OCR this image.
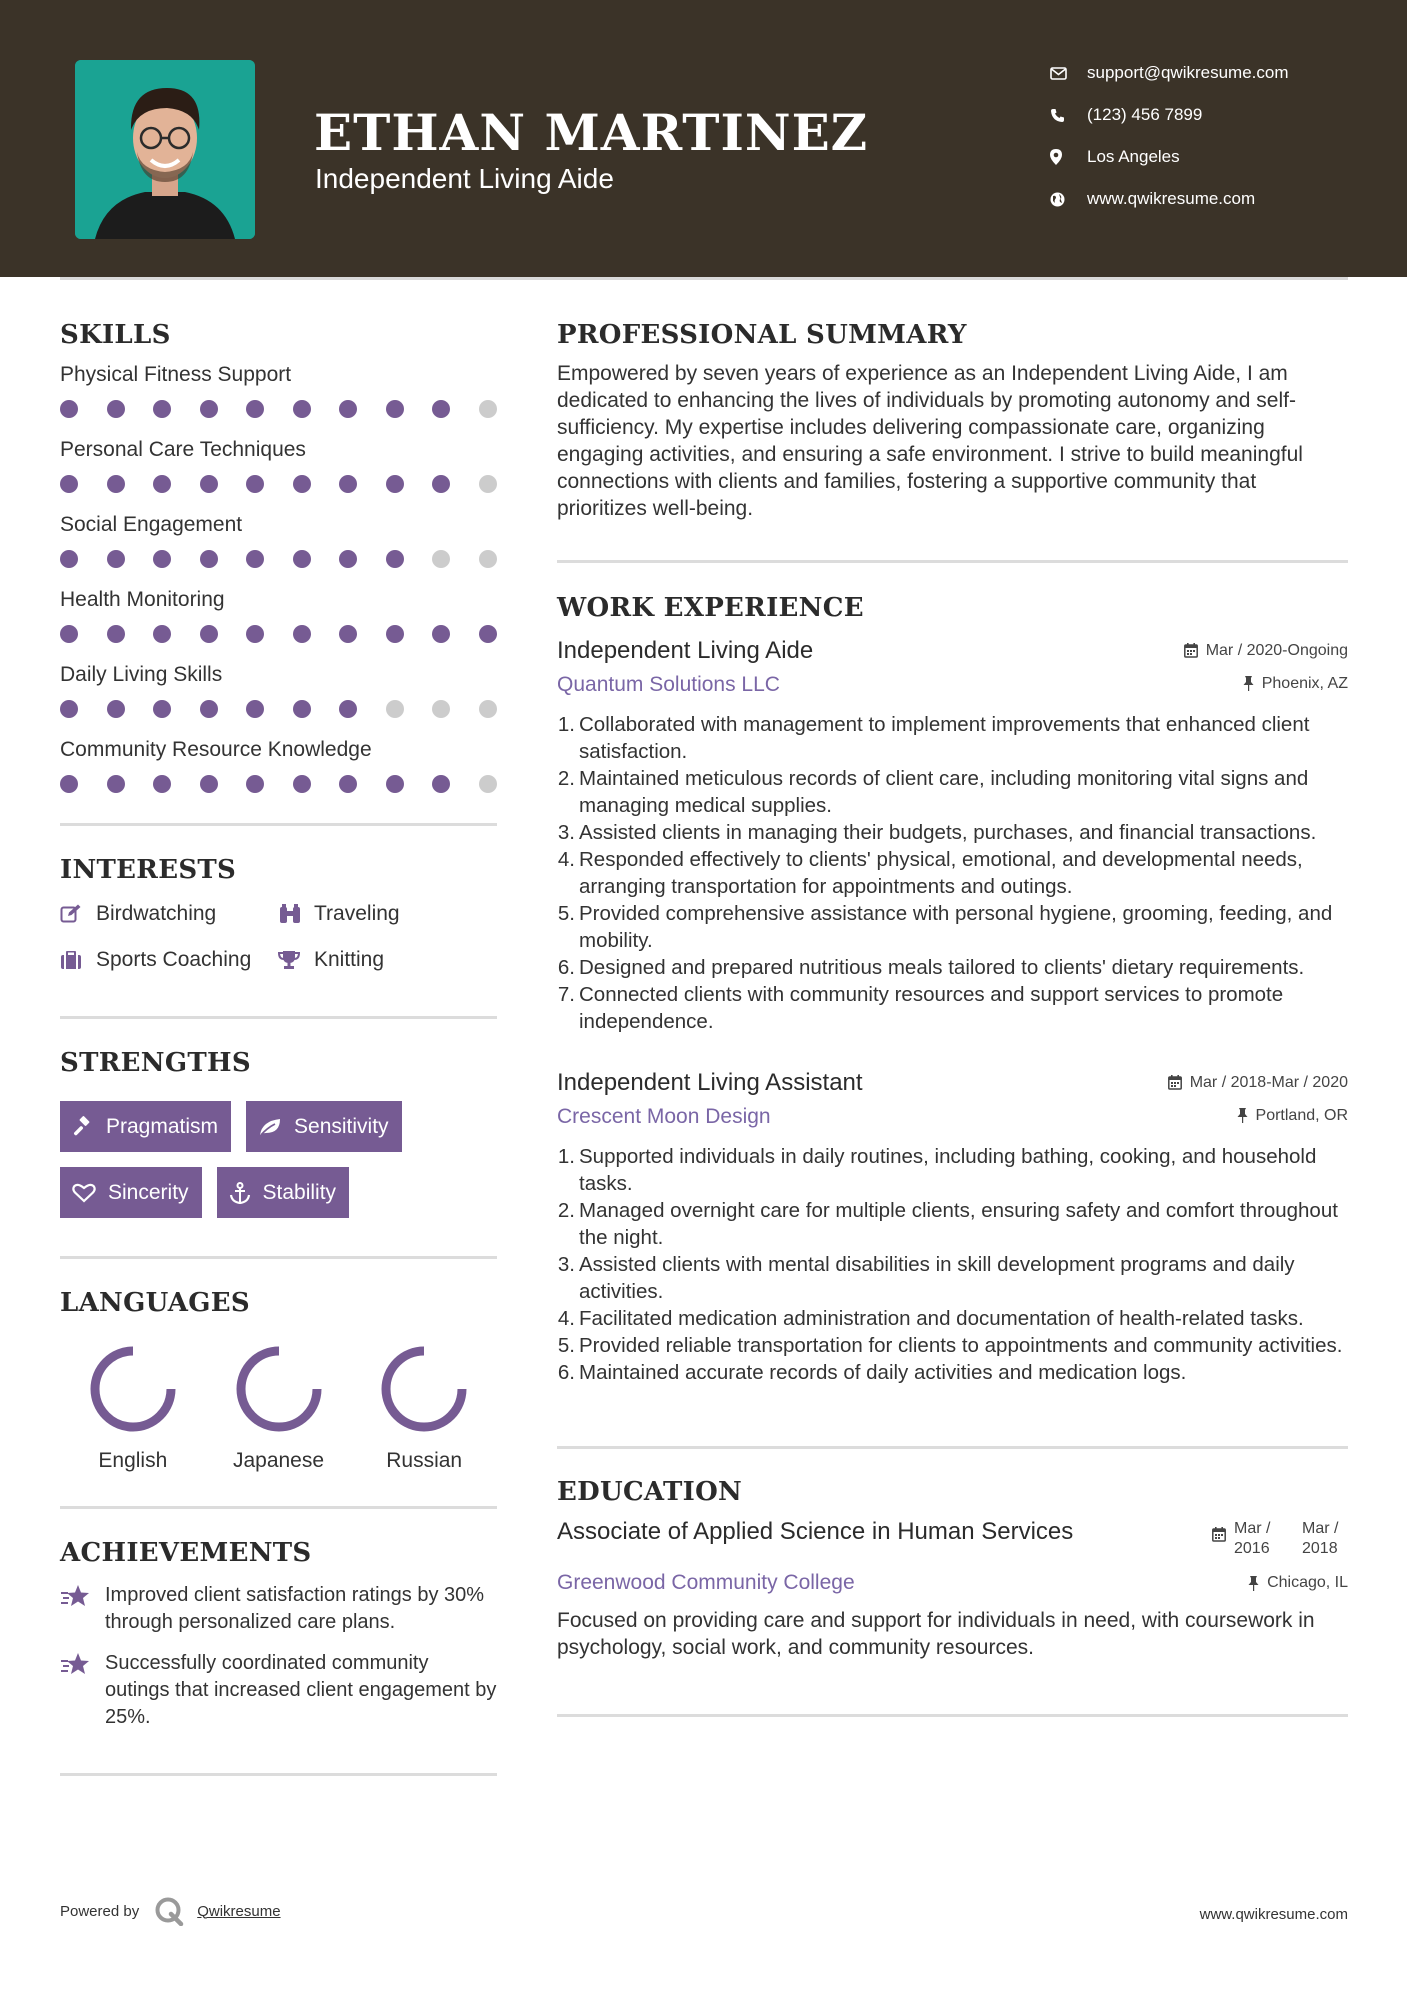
ETHAN MARTINEZ
Independent Living Aide
support@qwikresume.com
(123) 456 7899
Los Angeles
www.qwikresume.com
SKILLS
Physical Fitness Support
Personal Care Techniques
Social Engagement
Health Monitoring
Daily Living Skills
Community Resource Knowledge
INTERESTS
Birdwatching	Traveling
Sports Coaching	Knitting
STRENGTHS
Pragmatism	Sensitivity
Sincerity	Stability
LANGUAGES
English	Japanese	Russian
ACHIEVEMENTS
Improved client satisfaction ratings by 30% through personalized care plans.
Successfully coordinated community outings that increased client engagement by 25%.
PROFESSIONAL SUMMARY
Empowered by seven years of experience as an Independent Living Aide, I am dedicated to enhancing the lives of individuals by promoting autonomy and self-sufficiency. My expertise includes delivering compassionate care, organizing engaging activities, and ensuring a safe environment. I strive to build meaningful connections with clients and families, fostering a supportive community that prioritizes well-being.
WORK EXPERIENCE
Independent Living Aide	Mar / 2020-Ongoing
Quantum Solutions LLC	Phoenix, AZ
1. Collaborated with management to implement improvements that enhanced client satisfaction.
2. Maintained meticulous records of client care, including monitoring vital signs and managing medical supplies.
3. Assisted clients in managing their budgets, purchases, and financial transactions.
4. Responded effectively to clients' physical, emotional, and developmental needs, arranging transportation for appointments and outings.
5. Provided comprehensive assistance with personal hygiene, grooming, feeding, and mobility.
6. Designed and prepared nutritious meals tailored to clients' dietary requirements.
7. Connected clients with community resources and support services to promote independence.
Independent Living Assistant	Mar / 2018-Mar / 2020
Crescent Moon Design	Portland, OR
1. Supported individuals in daily routines, including bathing, cooking, and household tasks.
2. Managed overnight care for multiple clients, ensuring safety and comfort throughout the night.
3. Assisted clients with mental disabilities in skill development programs and daily activities.
4. Facilitated medication administration and documentation of health-related tasks.
5. Provided reliable transportation for clients to appointments and community activities.
6. Maintained accurate records of daily activities and medication logs.
EDUCATION
Associate of Applied Science in Human Services	Mar / 2016
Mar / 2018
Greenwood Community College	Chicago, IL
Focused on providing care and support for individuals in need, with coursework in psychology, social work, and community resources.
Powered by	Qwikresume	www.qwikresume.com
